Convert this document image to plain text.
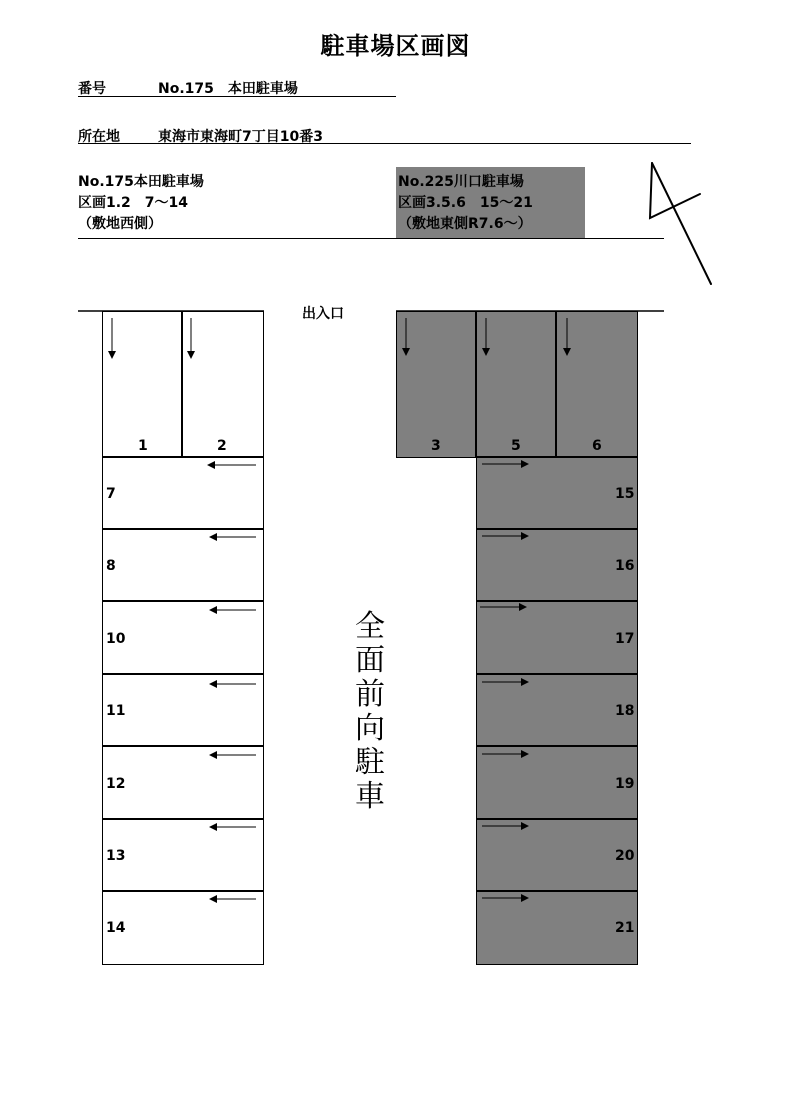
駐車場区画図
番号	No.175　本田駐車場
所在地	東海市東海町7丁目10番3
No.175本田駐車場
区画1.2　7〜14
（敷地西側）
No.225川口駐車場
区画3.5.6　15〜21
（敷地東側R7.6〜）
出入口
1	2
7
8
10
11
12
13
14
3	5	6
15
16
17
18
19
20
21
全
面
前
向
駐
車
